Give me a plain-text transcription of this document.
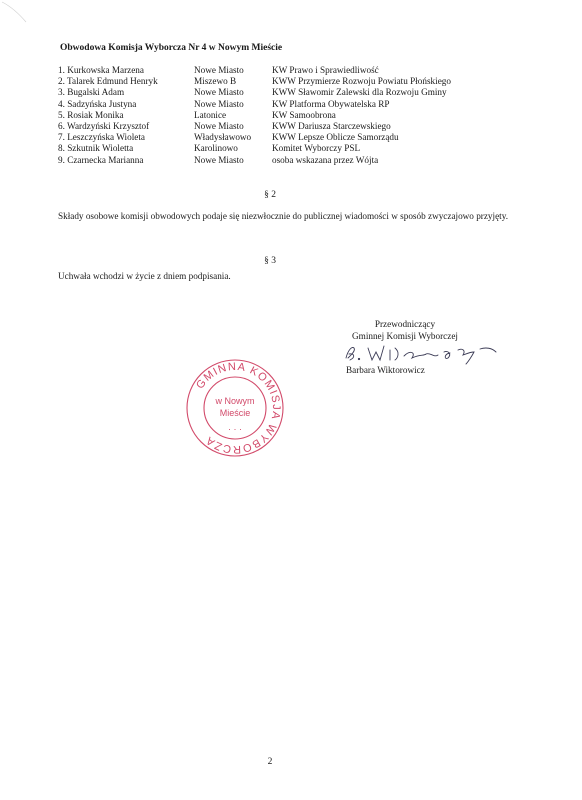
Obwodowa Komisja Wyborcza Nr 4 w Nowym Mieście

1. Kurkowska Marzena	Nowe Miasto	KW Prawo i Sprawiedliwość
2. Talarek Edmund Henryk	Miszewo B	KWW Przymierze Rozwoju Powiatu Płońskiego
3. Bugalski Adam	Nowe Miasto	KWW Sławomir Zalewski dla Rozwoju Gminy
4. Sadzyńska Justyna	Nowe Miasto	KW Platforma Obywatelska RP
5. Rosiak Monika	Latonice	KW Samoobrona
6. Wardzyński Krzysztof	Nowe Miasto	KWW Dariusza Starczewskiego
7. Leszczyńska Wioleta	Władysławowo	KWW Lepsze Oblicze Samorządu
8. Szkutnik Wioletta	Karolinowo	Komitet Wyborczy PSL
9. Czarnecka Marianna	Nowe Miasto	osoba wskazana przez Wójta

§ 2

Składy osobowe komisji obwodowych podaje się niezwłocznie do publicznej wiadomości w sposób zwyczajowo przyjęty.

§ 3

Uchwała wchodzi w życie z dniem podpisania.

Przewodniczący
Gminnej Komisji Wyborczej
Barbara Wiktorowicz
GMINNA KOMISJA WYBORCZA
w Nowym
Mieście
· · ·
2
